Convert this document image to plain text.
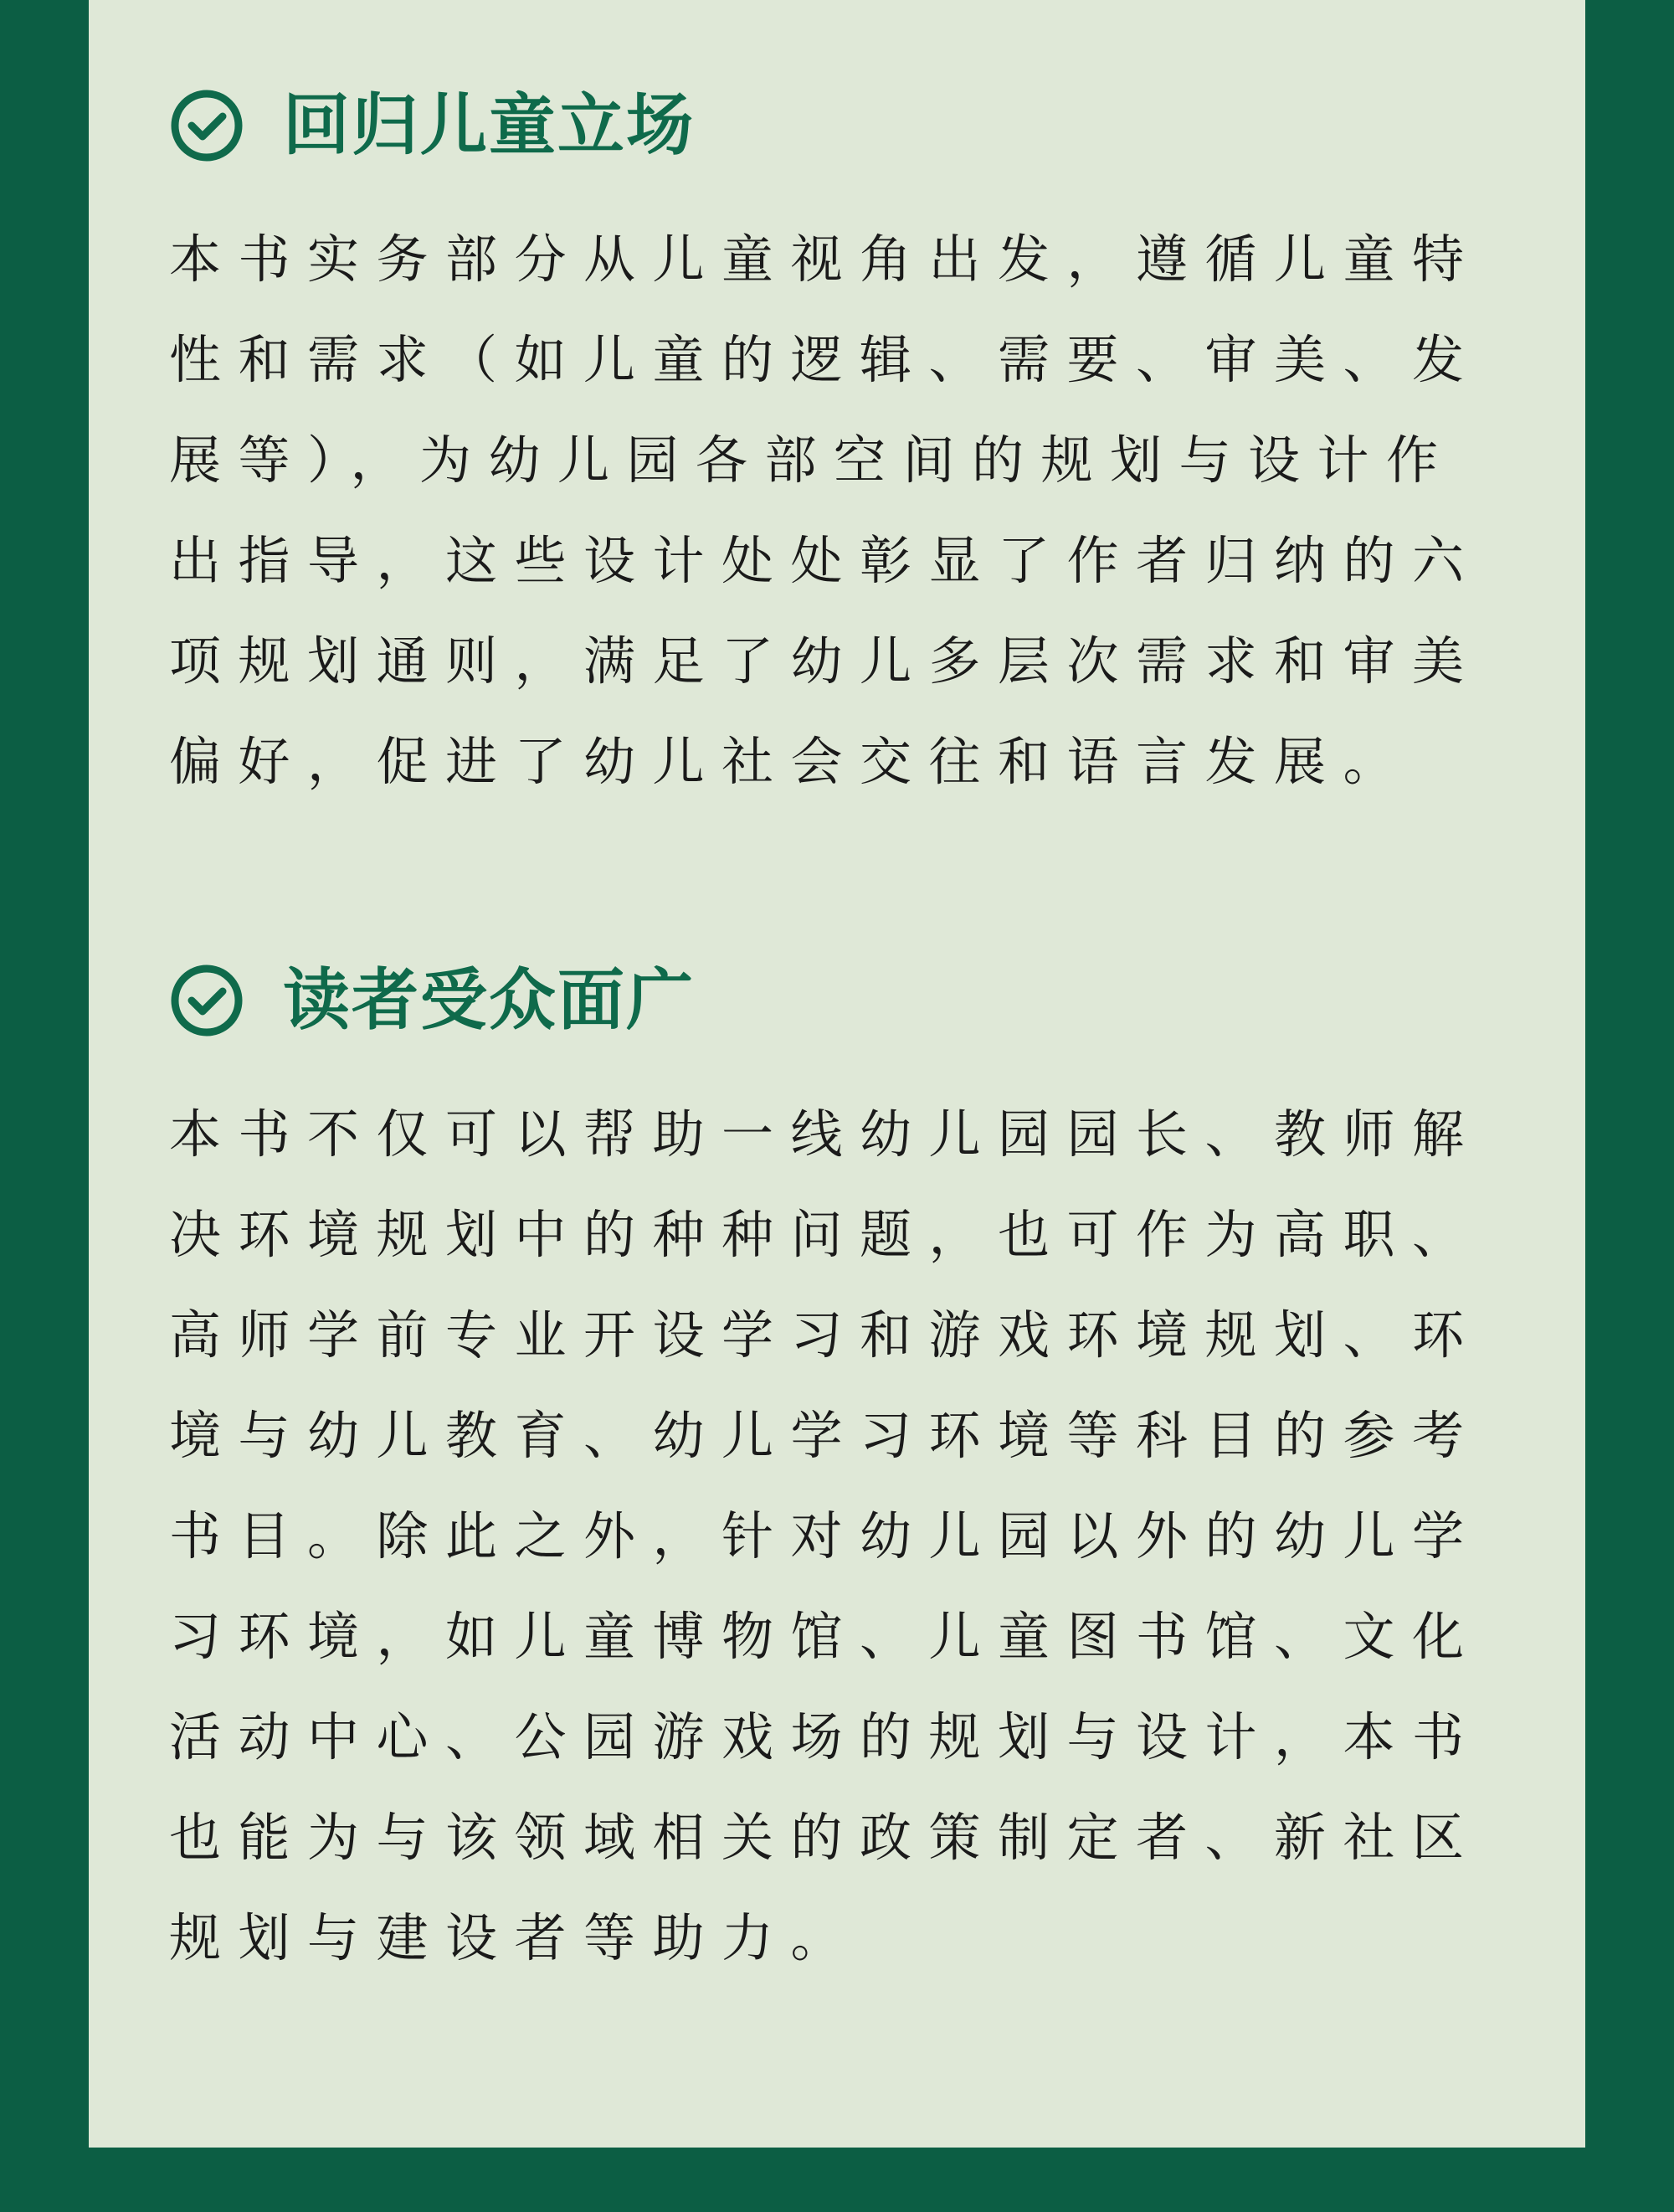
回归儿童立场
本书实务部分从儿童视角出发，遵循儿童特
性和需求（如儿童的逻辑、需要、审美、发
展等），为幼儿园各部空间的规划与设计作
出指导，这些设计处处彰显了作者归纳的六
项规划通则，满足了幼儿多层次需求和审美
偏好，促进了幼儿社会交往和语言发展。
读者受众面广
本书不仅可以帮助一线幼儿园园长、教师解
决环境规划中的种种问题，也可作为高职、
高师学前专业开设学习和游戏环境规划、环
境与幼儿教育、幼儿学习环境等科目的参考
书目。除此之外，针对幼儿园以外的幼儿学
习环境，如儿童博物馆、儿童图书馆、文化
活动中心、公园游戏场的规划与设计，本书
也能为与该领域相关的政策制定者、新社区
规划与建设者等助力。
